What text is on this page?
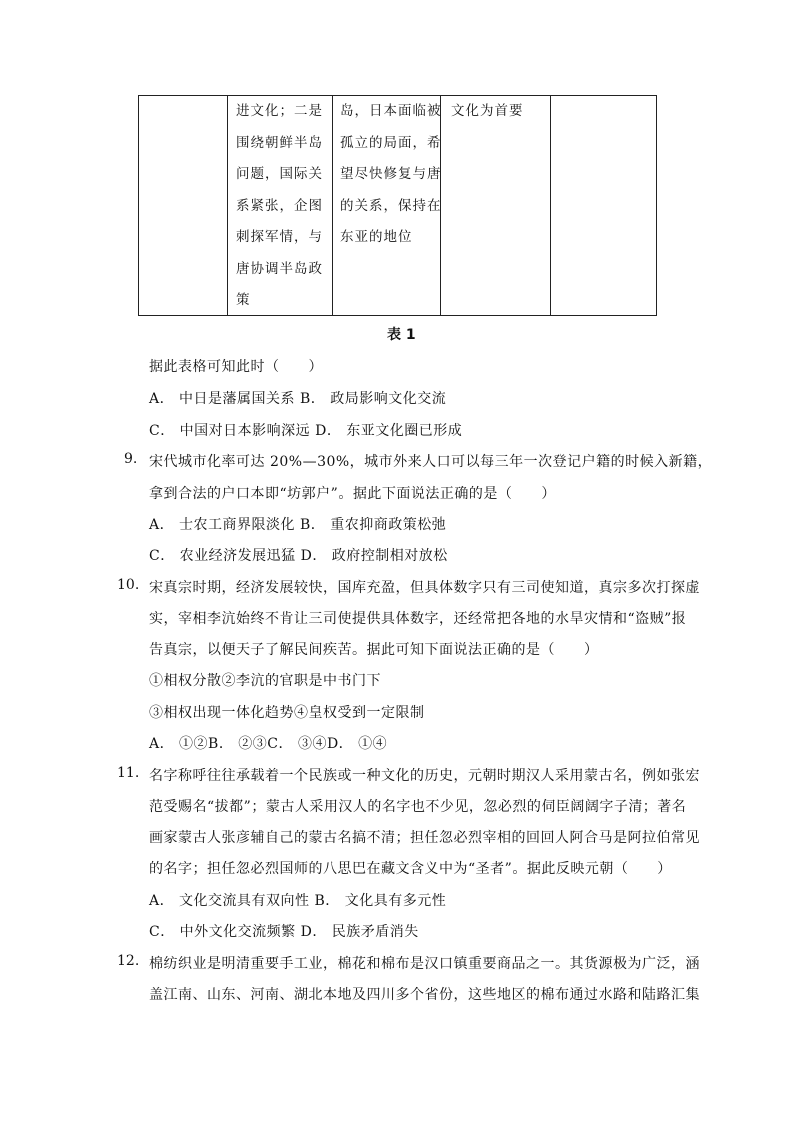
进文化；二是
围绕朝鲜半岛
问题，国际关
系紧张，企图
刺探军情，与
唐协调半岛政
策
岛，日本面临被
孤立的局面，希
望尽快修复与唐
的关系，保持在
东亚的地位
文化为首要
表 1
据此表格可知此时（　　）
A． 中日是藩属国关系 B． 政局影响文化交流
C． 中国对日本影响深远 D． 东亚文化圈已形成
9. 宋代城市化率可达 20%—30%，城市外来人口可以每三年一次登记户籍的时候入新籍，
拿到合法的户口本即“坊郭户”。据此下面说法正确的是（　　）
A． 士农工商界限淡化 B． 重农抑商政策松弛
C． 农业经济发展迅猛 D． 政府控制相对放松
10. 宋真宗时期，经济发展较快，国库充盈，但具体数字只有三司使知道，真宗多次打探虚
实，宰相李沆始终不肯让三司使提供具体数字，还经常把各地的水旱灾情和“盗贼”报
告真宗，以便天子了解民间疾苦。据此可知下面说法正确的是（　　）
①相权分散②李沆的官职是中书门下
③相权出现一体化趋势④皇权受到一定限制
A． ①②B． ②③C． ③④D． ①④
11. 名字称呼往往承载着一个民族或一种文化的历史，元朝时期汉人采用蒙古名，例如张宏
范受赐名“拔都”；蒙古人采用汉人的名字也不少见，忽必烈的伺臣阔阔字子清；著名
画家蒙古人张彦辅自己的蒙古名搞不清；担任忽必烈宰相的回回人阿合马是阿拉伯常见
的名字；担任忽必烈国师的八思巴在藏文含义中为“圣者”。据此反映元朝（　　）
A． 文化交流具有双向性 B． 文化具有多元性
C． 中外文化交流频繁 D． 民族矛盾消失
12. 棉纺织业是明清重要手工业，棉花和棉布是汉口镇重要商品之一。其货源极为广泛，涵
盖江南、山东、河南、湖北本地及四川多个省份，这些地区的棉布通过水路和陆路汇集
